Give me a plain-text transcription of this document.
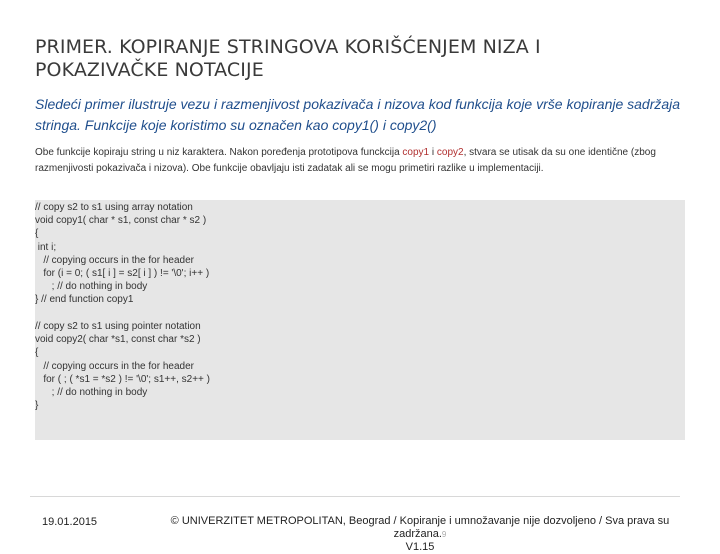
PRIMER. KOPIRANJE STRINGOVA KORIŠĆENJEM NIZA I POKAZIVAČKE NOTACIJE
Sledeći primer ilustruje vezu i razmenjivost pokazivača i nizova kod funkcija koje vrše kopiranje sadržaja stringa. Funkcije koje koristimo su označen kao copy1() i copy2()
Obe funkcije kopiraju string u niz karaktera. Nakon poređenja prototipova funckcija copy1 i copy2, stvara se utisak da su one identične (zbog razmenjivosti pokazivača i nizova). Obe funkcije obavljaju isti zadatak ali se mogu primetiri razlike u implementaciji.
// copy s2 to s1 using array notation
void copy1( char * s1, const char * s2 )
{
int i;
// copying occurs in the for header
for (i = 0; ( s1[ i ] = s2[ i ] ) != '\0'; i++ )
; // do nothing in body
} // end function copy1
// copy s2 to s1 using pointer notation
void copy2( char *s1, const char *s2 )
{
// copying occurs in the for header
for ( ; ( *s1 = *s2 ) != '\0'; s1++, s2++ )
; // do nothing in body
}
19.01.2015	© UNIVERZITET METROPOLITAN, Beograd / Kopiranje i umnožavanje nije dozvoljeno / Sva prava su zadržana.9
V1.15
